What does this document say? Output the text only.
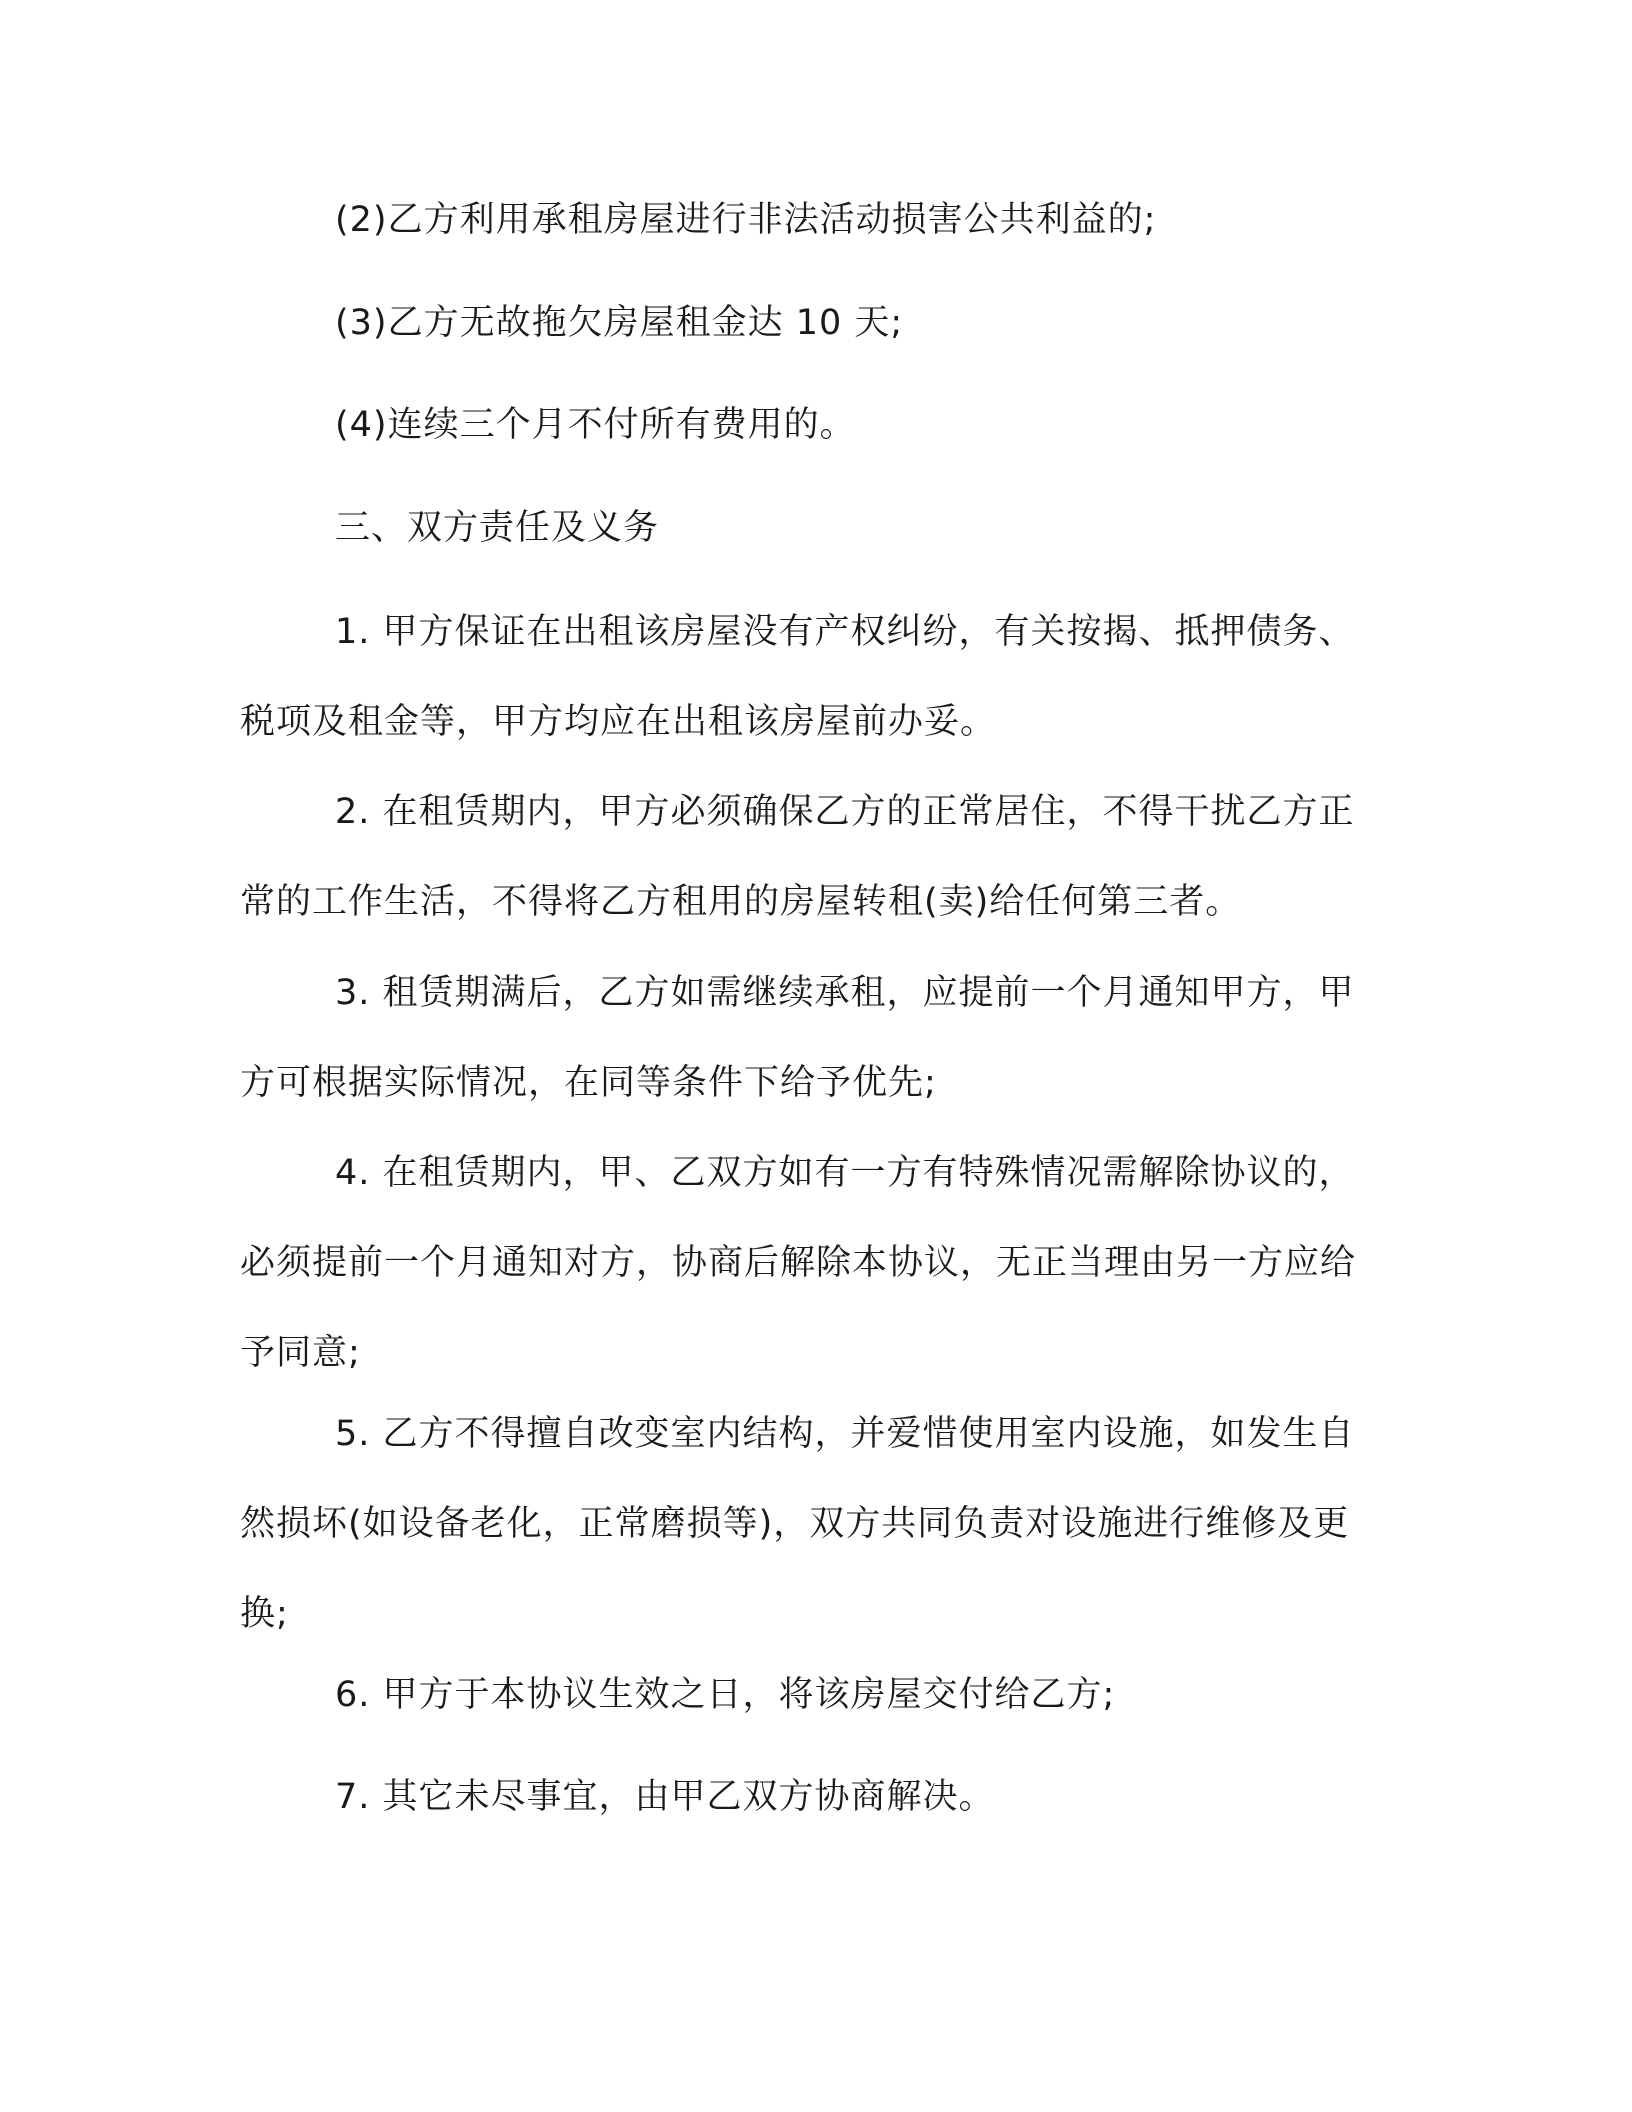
(2)乙方利用承租房屋进行非法活动损害公共利益的;

(3)乙方无故拖欠房屋租金达 10 天;

(4)连续三个月不付所有费用的。

三、双方责任及义务

1. 甲方保证在出租该房屋没有产权纠纷，有关按揭、抵押债务、税项及租金等，甲方均应在出租该房屋前办妥。

2. 在租赁期内，甲方必须确保乙方的正常居住，不得干扰乙方正常的工作生活，不得将乙方租用的房屋转租(卖)给任何第三者。

3. 租赁期满后，乙方如需继续承租，应提前一个月通知甲方，甲方可根据实际情况，在同等条件下给予优先;

4. 在租赁期内，甲、乙双方如有一方有特殊情况需解除协议的，必须提前一个月通知对方，协商后解除本协议，无正当理由另一方应给予同意;

5. 乙方不得擅自改变室内结构，并爱惜使用室内设施，如发生自然损坏(如设备老化，正常磨损等)，双方共同负责对设施进行维修及更换;

6. 甲方于本协议生效之日，将该房屋交付给乙方;

7. 其它未尽事宜，由甲乙双方协商解决。
